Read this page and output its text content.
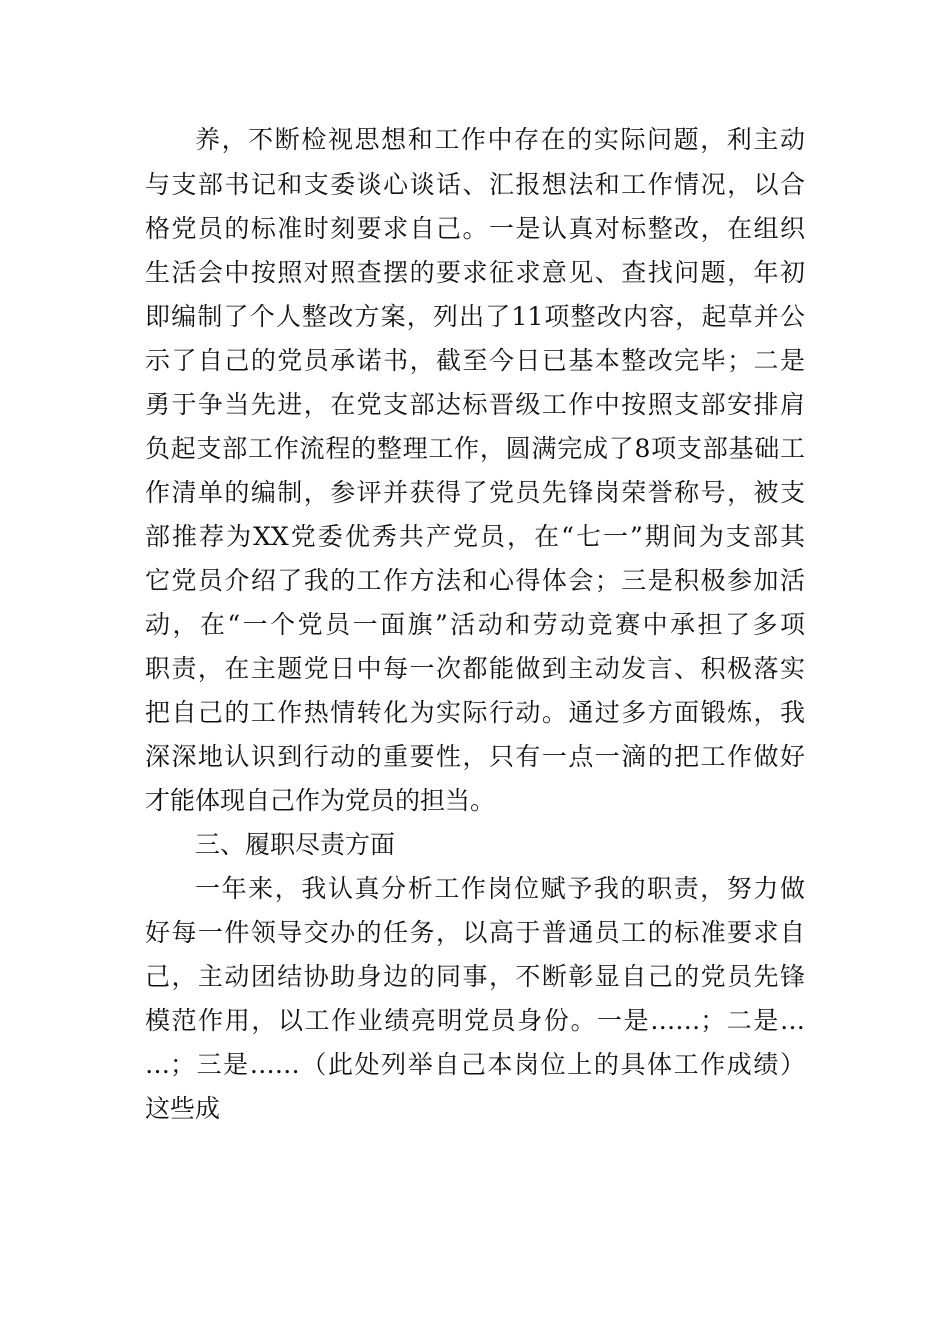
养，不断检视思想和工作中存在的实际问题，利主动
与支部书记和支委谈心谈话、汇报想法和工作情况，以合
格党员的标准时刻要求自己。一是认真对标整改，在组织
生活会中按照对照查摆的要求征求意见、查找问题，年初
即编制了个人整改方案，列出了11项整改内容，起草并公
示了自己的党员承诺书，截至今日已基本整改完毕；二是
勇于争当先进，在党支部达标晋级工作中按照支部安排肩
负起支部工作流程的整理工作，圆满完成了8项支部基础工
作清单的编制，参评并获得了党员先锋岗荣誉称号，被支
部推荐为XX党委优秀共产党员，在“七一”期间为支部其
它党员介绍了我的工作方法和心得体会；三是积极参加活
动，在“一个党员一面旗”活动和劳动竞赛中承担了多项
职责，在主题党日中每一次都能做到主动发言、积极落实
把自己的工作热情转化为实际行动。通过多方面锻炼，我
深深地认识到行动的重要性，只有一点一滴的把工作做好
才能体现自己作为党员的担当。
三、履职尽责方面
一年来，我认真分析工作岗位赋予我的职责，努力做
好每一件领导交办的任务，以高于普通员工的标准要求自
己，主动团结协助身边的同事，不断彰显自己的党员先锋
模范作用，以工作业绩亮明党员身份。一是……；二是…
…；三是……（此处列举自己本岗位上的具体工作成绩）
这些成
